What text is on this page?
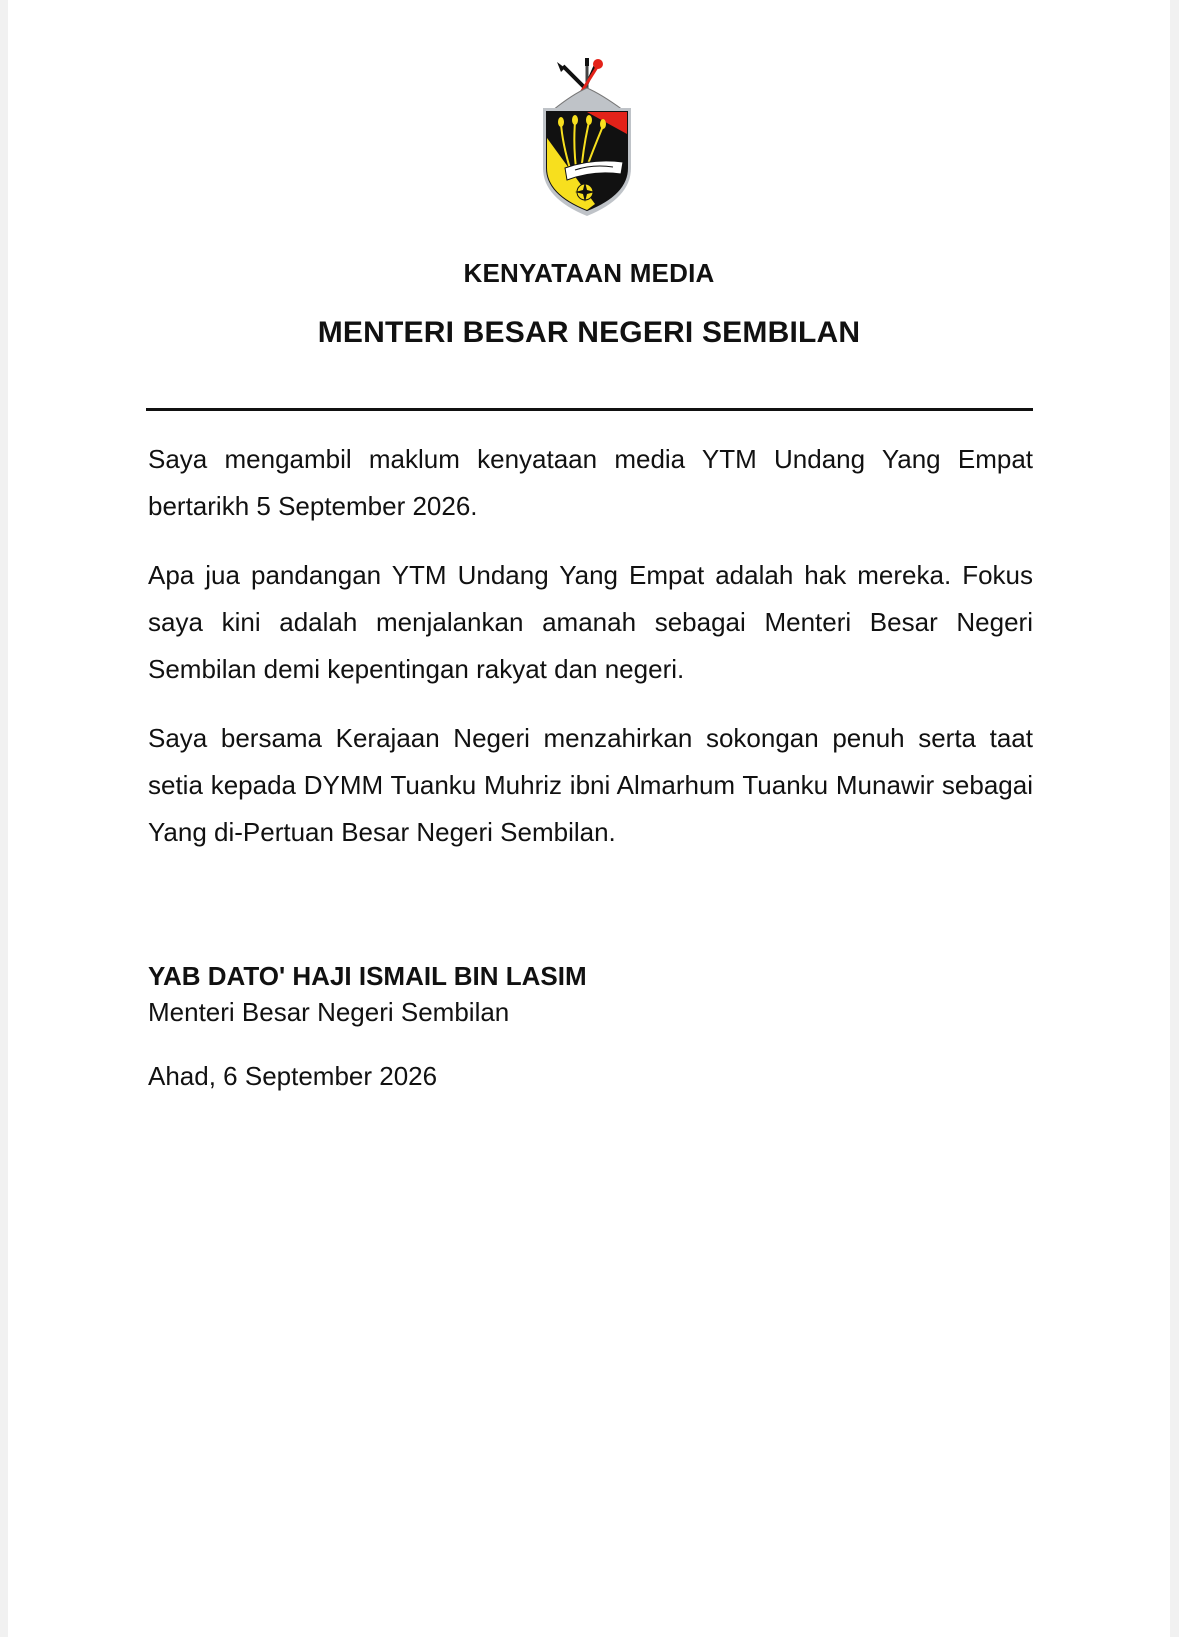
KENYATAAN MEDIA
MENTERI BESAR NEGERI SEMBILAN

Saya mengambil maklum kenyataan media YTM Undang Yang Empat bertarikh 5 September 2026.

Apa jua pandangan YTM Undang Yang Empat adalah hak mereka. Fokus saya kini adalah menjalankan amanah sebagai Menteri Besar Negeri Sembilan demi kepentingan rakyat dan negeri.

Saya bersama Kerajaan Negeri menzahirkan sokongan penuh serta taat setia kepada DYMM Tuanku Muhriz ibni Almarhum Tuanku Munawir sebagai Yang di-Pertuan Besar Negeri Sembilan.

YAB DATO' HAJI ISMAIL BIN LASIM
Menteri Besar Negeri Sembilan
Ahad, 6 September 2026
